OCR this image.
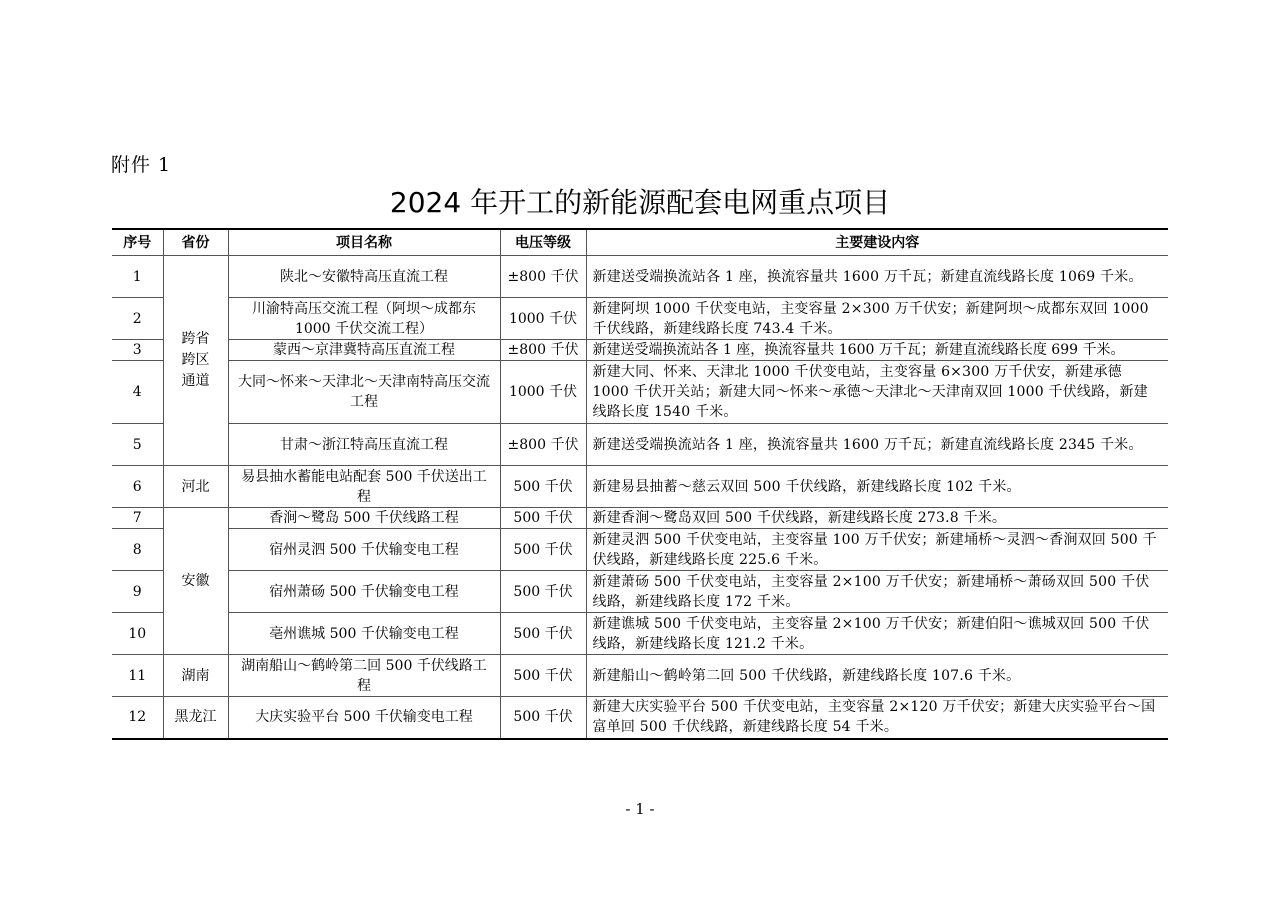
附件 1
2024 年开工的新能源配套电网重点项目
序号	省份	项目名称	电压等级	主要建设内容
1	跨省
跨区
通道	陕北～安徽特高压直流工程	±800 千伏	新建送受端换流站各 1 座，换流容量共 1600 万千瓦；新建直流线路长度 1069 千米。
2		川渝特高压交流工程（阿坝～成都东 1000 千伏交流工程）	1000 千伏	新建阿坝 1000 千伏变电站，主变容量 2×300 万千伏安；新建阿坝～成都东双回 1000 千伏线路，新建线路长度 743.4 千米。
3		蒙西～京津冀特高压直流工程	±800 千伏	新建送受端换流站各 1 座，换流容量共 1600 万千瓦；新建直流线路长度 699 千米。
4		大同～怀来～天津北～天津南特高压交流工程	1000 千伏	新建大同、怀来、天津北 1000 千伏变电站，主变容量 6×300 万千伏安，新建承德 1000 千伏开关站；新建大同～怀来～承德～天津北～天津南双回 1000 千伏线路，新建线路长度 1540 千米。
5		甘肃～浙江特高压直流工程	±800 千伏	新建送受端换流站各 1 座，换流容量共 1600 万千瓦；新建直流线路长度 2345 千米。
6	河北	易县抽水蓄能电站配套 500 千伏送出工程	500 千伏	新建易县抽蓄～慈云双回 500 千伏线路，新建线路长度 102 千米。
7	安徽	香涧～鹭岛 500 千伏线路工程	500 千伏	新建香涧～鹭岛双回 500 千伏线路，新建线路长度 273.8 千米。
8		宿州灵泗 500 千伏输变电工程	500 千伏	新建灵泗 500 千伏变电站，主变容量 100 万千伏安；新建埇桥～灵泗～香涧双回 500 千伏线路，新建线路长度 225.6 千米。
9		宿州萧砀 500 千伏输变电工程	500 千伏	新建萧砀 500 千伏变电站，主变容量 2×100 万千伏安；新建埇桥～萧砀双回 500 千伏线路，新建线路长度 172 千米。
10		亳州谯城 500 千伏输变电工程	500 千伏	新建谯城 500 千伏变电站，主变容量 2×100 万千伏安；新建伯阳～谯城双回 500 千伏线路，新建线路长度 121.2 千米。
11	湖南	湖南船山～鹤岭第二回 500 千伏线路工程	500 千伏	新建船山～鹤岭第二回 500 千伏线路，新建线路长度 107.6 千米。
12	黑龙江	大庆实验平台 500 千伏输变电工程	500 千伏	新建大庆实验平台 500 千伏变电站，主变容量 2×120 万千伏安；新建大庆实验平台～国富单回 500 千伏线路，新建线路长度 54 千米。
- 1 -
